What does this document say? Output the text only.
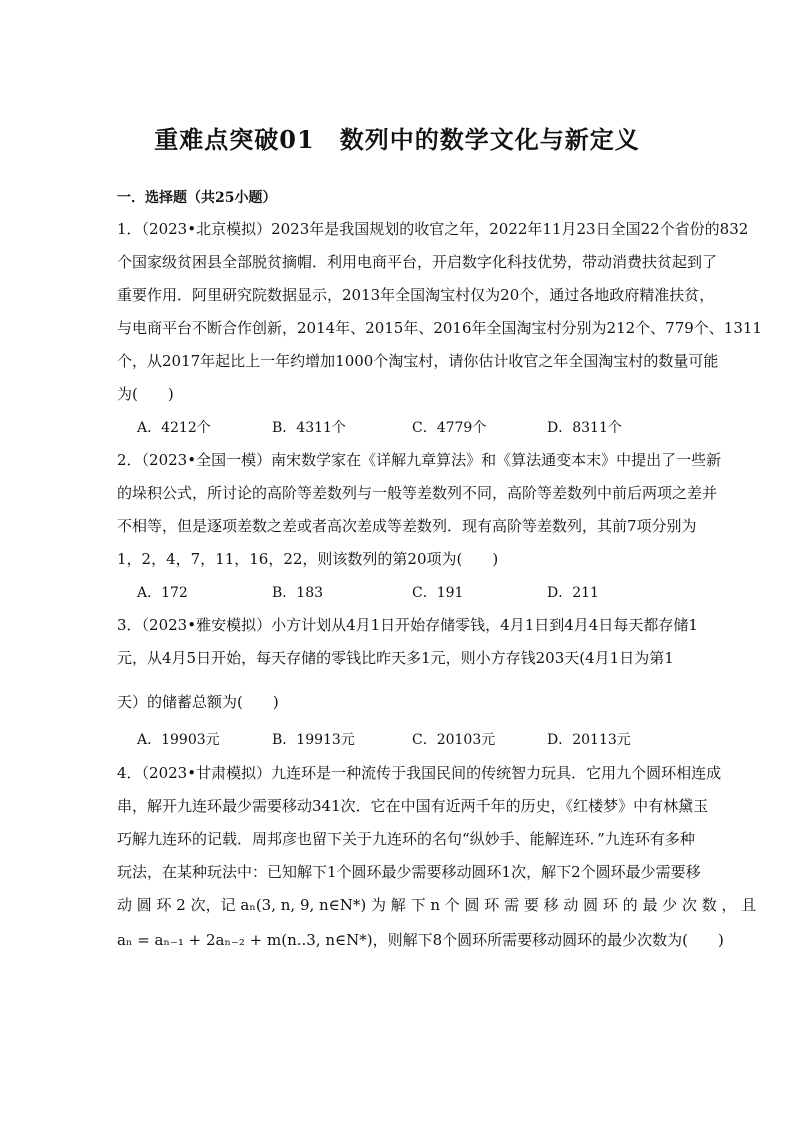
重难点突破01　数列中的数学文化与新定义
一．选择题（共25小题）
1．（2023•北京模拟）2023年是我国规划的收官之年，2022年11月23日全国22个省份的832
个国家级贫困县全部脱贫摘帽．利用电商平台，开启数字化科技优势，带动消费扶贫起到了
重要作用．阿里研究院数据显示，2013年全国淘宝村仅为20个，通过各地政府精准扶贫，
与电商平台不断合作创新，2014年、2015年、2016年全国淘宝村分别为212个、779个、1311
个，从2017年起比上一年约增加1000个淘宝村，请你估计收官之年全国淘宝村的数量可能
为(　　)
A．4212个	B．4311个	C．4779个	D．8311个
2．（2023•全国一模）南宋数学家在《详解九章算法》和《算法通变本末》中提出了一些新
的垛积公式，所讨论的高阶等差数列与一般等差数列不同，高阶等差数列中前后两项之差并
不相等，但是逐项差数之差或者高次差成等差数列．现有高阶等差数列，其前7项分别为
1，2，4，7，11，16，22，则该数列的第20项为(　　)
A．172	B．183	C．191	D．211
3．（2023•雅安模拟）小方计划从4月1日开始存储零钱，4月1日到4月4日每天都存储1
元，从4月5日开始，每天存储的零钱比昨天多1元，则小方存钱203天(4月1日为第1
天）的储蓄总额为(　　)
A．19903元	B．19913元	C．20103元	D．20113元
4．（2023•甘肃模拟）九连环是一种流传于我国民间的传统智力玩具．它用九个圆环相连成
串，解开九连环最少需要移动341次．它在中国有近两千年的历史，《红楼梦》中有林黛玉
巧解九连环的记载．周邦彦也留下关于九连环的名句“纵妙手、能解连环．”九连环有多种
玩法，在某种玩法中：已知解下1个圆环最少需要移动圆环1次，解下2个圆环最少需要移
动 圆 环 2 次，记 aₙ(3, n, 9, n∈N*) 为 解 下 n 个 圆 环 需 要 移 动 圆 环 的 最 少 次 数 ， 且
aₙ = aₙ₋₁ + 2aₙ₋₂ + m(n..3, n∈N*)，则解下8个圆环所需要移动圆环的最少次数为(　　)
